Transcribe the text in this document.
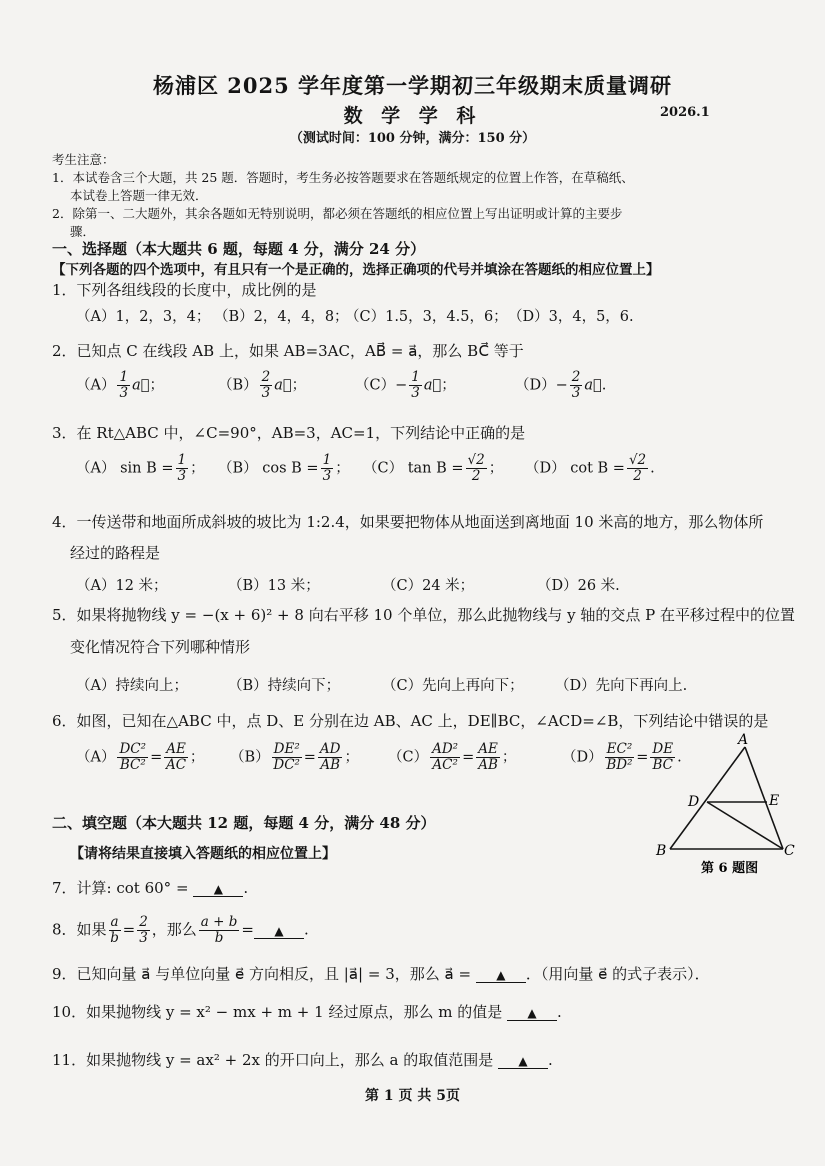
杨浦区 2025 学年度第一学期初三年级期末质量调研
数 学 学 科	2026.1
（测试时间：100 分钟，满分：150 分）
考生注意：
1．本试卷含三个大题，共 25 题．答题时，考生务必按答题要求在答题纸规定的位置上作答，在草稿纸、
本试卷上答题一律无效．
2．除第一、二大题外，其余各题如无特别说明，都必须在答题纸的相应位置上写出证明或计算的主要步
骤．
一、选择题（本大题共 6 题，每题 4 分，满分 24 分）
【下列各题的四个选项中，有且只有一个是正确的，选择正确项的代号并填涂在答题纸的相应位置上】
1．下列各组线段的长度中，成比例的是
（A）1，2，3，4； （B）2，4，4，8；
（C）1.5，3，4.5，6； （D）3，4，5，6.
2．已知点 C 在线段 AB 上，如果 AB=3AC，AB⃗ = a⃗，那么 BC⃗ 等于
$(A) \frac{1}{3}$ a⃗；	$(B) \frac{2}{3}$ a⃗；	$(C)- \frac{1}{3}$ a⃗；	$(D)- \frac{2}{3}$ a⃗.
3．在 Rt△ABC 中，∠C=90°，AB=3，AC=1，下列结论中正确的是
（A） $\sin B = \frac{1}{3}$ ； （B） $\cos B = \frac{1}{3}$ ； （C） $\tan B = \frac{√2}{2}$ ； （D） $\cot B = \frac{√2}{2}$ .
4．一传送带和地面所成斜坡的坡比为 1:2.4，如果要把物体从地面送到离地面 10 米高的地方，那么物体所
经过的路程是
（A）12 米；	（B）13 米；	（C）24 米；	（D）26 米.
5．如果将抛物线 y = −(x + 6)² + 8 向右平移 10 个单位，那么此抛物线与 y 轴的交点 P 在平移过程中的位置
变化情况符合下列哪种情形
（A）持续向上；	（B）持续向下；	（C）先向上再向下； （D）先向下再向上.
6．如图，已知在△ABC 中，点 D、E 分别在边 AB、AC 上，DE∥BC，∠ACD=∠B，下列结论中错误的是
$(A) \frac{\text{DC²}}{\text{BC²}} = \frac{AE}{AC}$ ； $(B) \frac{\text{DE²}}{\text{DC²}} = \frac{AD}{AB}$ ； $(C) \frac{\text{AD²}}{\text{AC²}} = \frac{AE}{AB}$ ；	$(D) \frac{\text{EC²}}{\text{BD²}} = \frac{DE}{BC}$ .
A
B	C
D	E
第 6 题图
二、填空题（本大题共 12 题，每题 4 分，满分 48 分）
【请将结果直接填入答题纸的相应位置上】
7．计算: cot 60° = ▲ .
8．如果 $\frac{a}{b} = \frac{2}{3}$ ，那么 $\frac{a + b}{b}$ = ▲ .
9．已知向量 a⃗ 与单位向量 e⃗ 方向相反，且 |a⃗| = 3，那么 a⃗ = ▲ ．（用向量 e⃗ 的式子表示）．
10．如果抛物线 y = x² − mx + m + 1 经过原点，那么 m 的值是 ▲ .
11．如果抛物线 y = ax² + 2x 的开口向上，那么 a 的取值范围是 ▲ .
第 1 页 共 5页
